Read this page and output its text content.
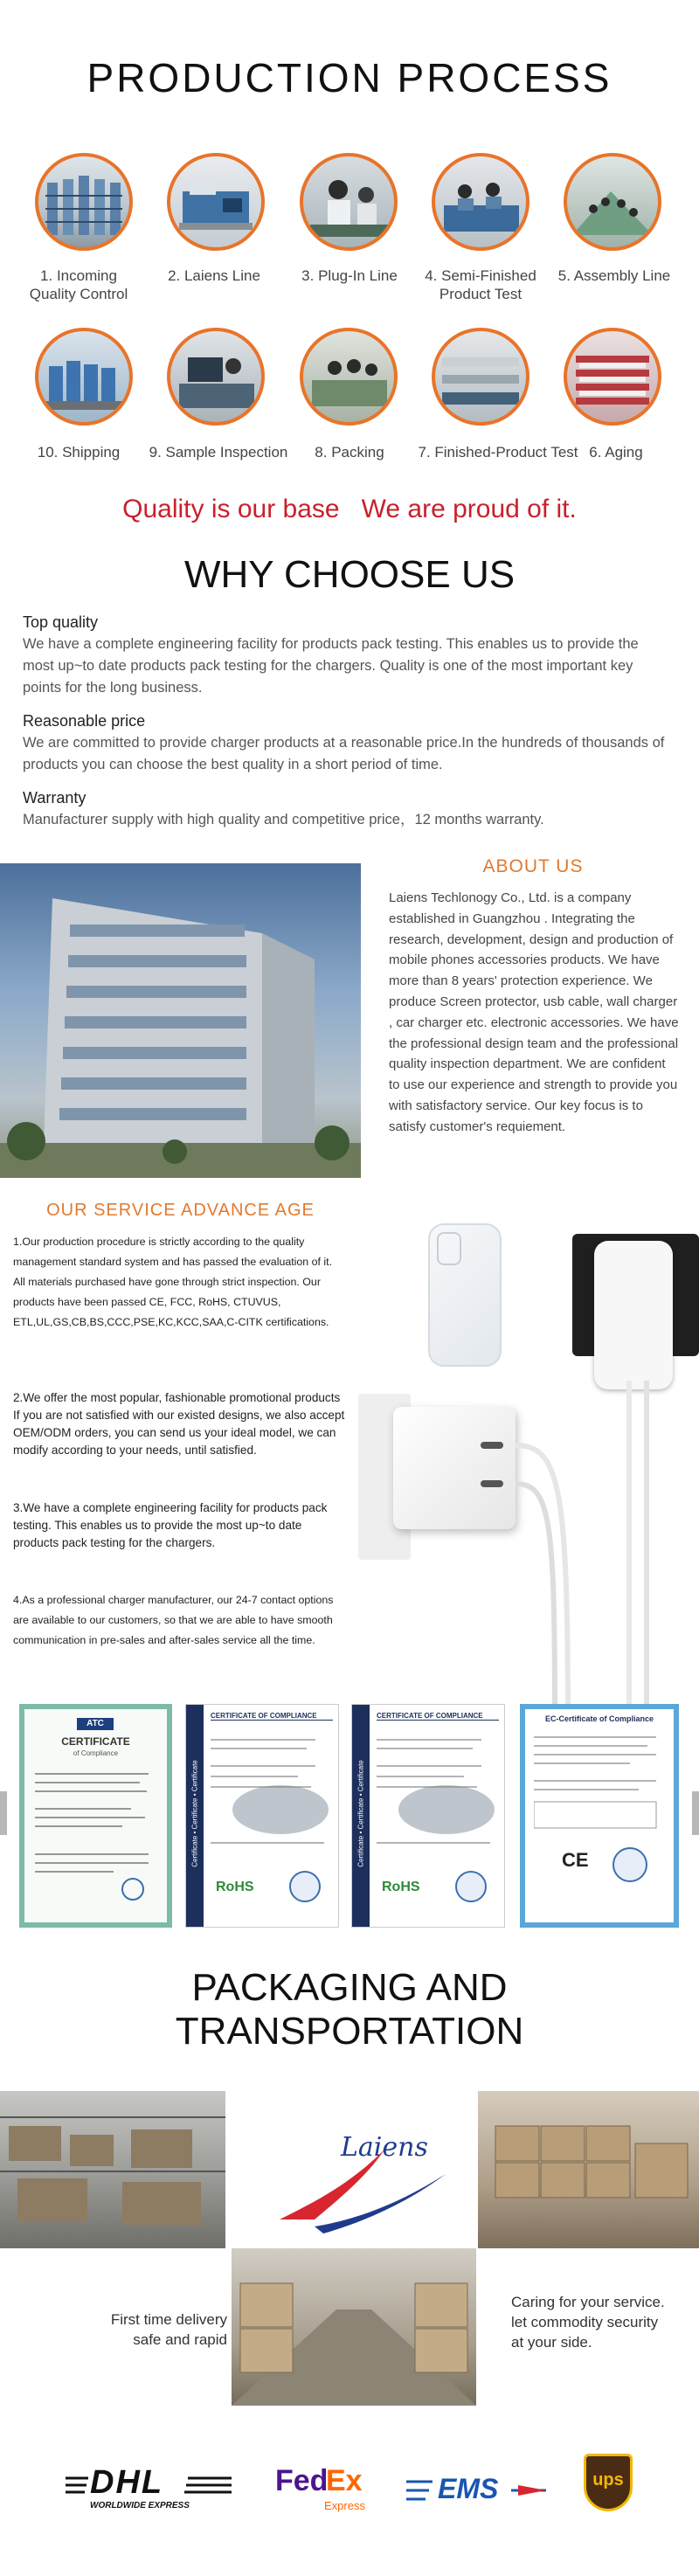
PRODUCTION PROCESS
1. Incoming Quality Control
2. Laiens Line	3. Plug-In Line	4. Semi-Finished Product Test
5. Assembly Line
10. Shipping	9. Sample Inspection	8. Packing	7. Finished-Product Test 6. Aging
Quality is our base   We are proud of it.
WHY CHOOSE US
Top quality
We have a complete engineering facility for products pack testing. This enables us to provide the most up~to date products pack testing for the chargers. Quality is one of the most important key points for the long business.
Reasonable price
We are committed to provide charger products at a reasonable price.In the hundreds of thousands of products you can choose the best quality in a short period of time.
Warranty
Manufacturer supply with high quality and competitive price，12 months warranty.
ABOUT US
Laiens Techlonogy Co., Ltd. is a company established in Guangzhou . Integrating the research, development, design and production of mobile phones accessories products. We have more than 8 years' protection experience. We produce Screen protector, usb cable, wall charger , car charger etc. electronic accessories. We have the professional design team and the professional quality inspection department. We are confident to use our experience and strength to provide you with satisfactory service. Our key focus is to satisfy customer's requiement.
OUR SERVICE ADVANCE AGE
1.Our production procedure is strictly according to the quality management standard system and has passed the evaluation of it. All materials purchased have gone through strict inspection. Our products have been passed CE, FCC, RoHS, CTUVUS, ETL,UL,GS,CB,BS,CCC,PSE,KC,KCC,SAA,C-CITK certifications.
2.We offer the most popular, fashionable promotional products If you are not satisfied with our existed designs, we also accept OEM/ODM orders, you can send us your ideal model, we can modify according to your needs, until satisfied.
3.We have a complete engineering facility for products pack testing. This enables us to provide the most up~to date products pack testing for the chargers.
4.As a professional charger manufacturer, our 24-7 contact options are available to our customers, so that we are able to have smooth communication in pre-sales and after-sales service all the time.
ATC
CERTIFICATE
of Compliance
Certificate • Certificate • Certificate
CERTIFICATE OF COMPLIANCE
RoHS
Certificate • Certificate • Certificate
CERTIFICATE OF COMPLIANCE
RoHS
EC-Certificate of Compliance
CE
PACKAGING AND
TRANSPORTATION
Laiens
First time delivery
safe and rapid
Caring for your service.
let commodity security
at your side.
DHL
WORLDWIDE EXPRESS
Fed
Ex
Express
EMS	ups
